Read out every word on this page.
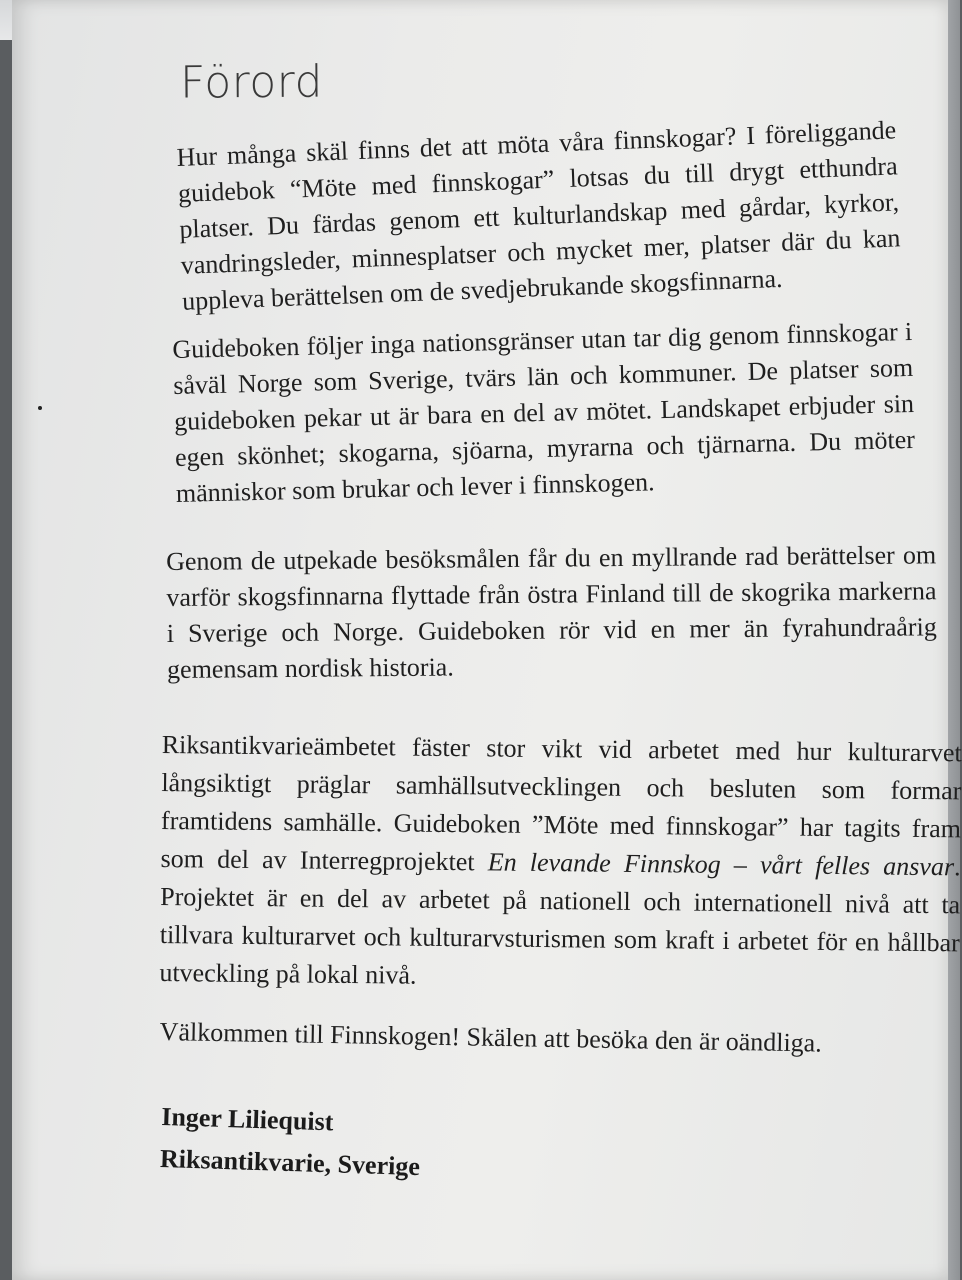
Förord

Hur många skäl finns det att möta våra finnskogar? I föreliggande guidebok “Möte med finnskogar” lotsas du till drygt etthundra platser. Du färdas genom ett kulturlandskap med gårdar, kyrkor, vandringsleder, minnesplatser och mycket mer, platser där du kan uppleva berättelsen om de svedjebrukande skogsfinnarna.

Guideboken följer inga nationsgränser utan tar dig genom finnskogar i såväl Norge som Sverige, tvärs län och kommuner. De platser som guideboken pekar ut är bara en del av mötet. Landskapet erbjuder sin egen skönhet; skogarna, sjöarna, myrarna och tjärnarna. Du möter människor som brukar och lever i finnskogen.

Genom de utpekade besöksmålen får du en myllrande rad berättelser om varför skogsfinnarna flyttade från östra Finland till de skogrika markerna i Sverige och Norge. Guideboken rör vid en mer än fyrahundraårig gemensam nordisk historia.

Riksantikvarieämbetet fäster stor vikt vid arbetet med hur kulturarvet långsiktigt präglar samhällsutvecklingen och besluten som formar framtidens samhälle. Guideboken ”Möte med finnskogar” har tagits fram som del av Interregprojektet En levande Finnskog – vårt felles ansvar. Projektet är en del av arbetet på nationell och internationell nivå att ta tillvara kulturarvet och kulturarvsturismen som kraft i arbetet för en hållbar utveckling på lokal nivå.

Välkommen till Finnskogen! Skälen att besöka den är oändliga.

Inger Liliequist
Riksantikvarie, Sverige
